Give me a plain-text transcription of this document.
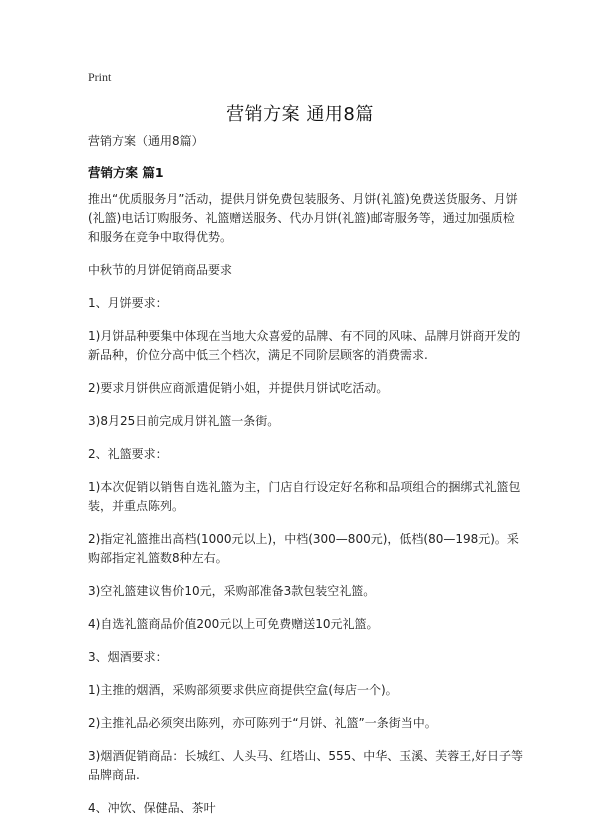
Print
营销方案 通用8篇

营销方案（通用8篇）

营销方案 篇1

推出“优质服务月”活动，提供月饼免费包装服务、月饼(礼篮)免费送货服务、月饼(礼篮)电话订购服务、礼篮赠送服务、代办月饼(礼篮)邮寄服务等，通过加强质检和服务在竞争中取得优势。

中秋节的月饼促销商品要求

1、月饼要求：

1)月饼品种要集中体现在当地大众喜爱的品牌、有不同的风味、品牌月饼商开发的新品种，价位分高中低三个档次，满足不同阶层顾客的消费需求.

2)要求月饼供应商派遣促销小姐，并提供月饼试吃活动。

3)8月25日前完成月饼礼篮一条街。

2、礼篮要求：

1)本次促销以销售自选礼篮为主，门店自行设定好名称和品项组合的捆绑式礼篮包装，并重点陈列。

2)指定礼篮推出高档(1000元以上)，中档(300—800元)，低档(80—198元)。采购部指定礼篮数8种左右。

3)空礼篮建议售价10元，采购部准备3款包装空礼篮。

4)自选礼篮商品价值200元以上可免费赠送10元礼篮。

3、烟酒要求：

1)主推的烟酒，采购部须要求供应商提供空盒(每店一个)。

2)主推礼品必须突出陈列，亦可陈列于“月饼、礼篮”一条街当中。

3)烟酒促销商品：长城红、人头马、红塔山、555、中华、玉溪、芙蓉王,好日子等品牌商品.

4、冲饮、保健品、茶叶
